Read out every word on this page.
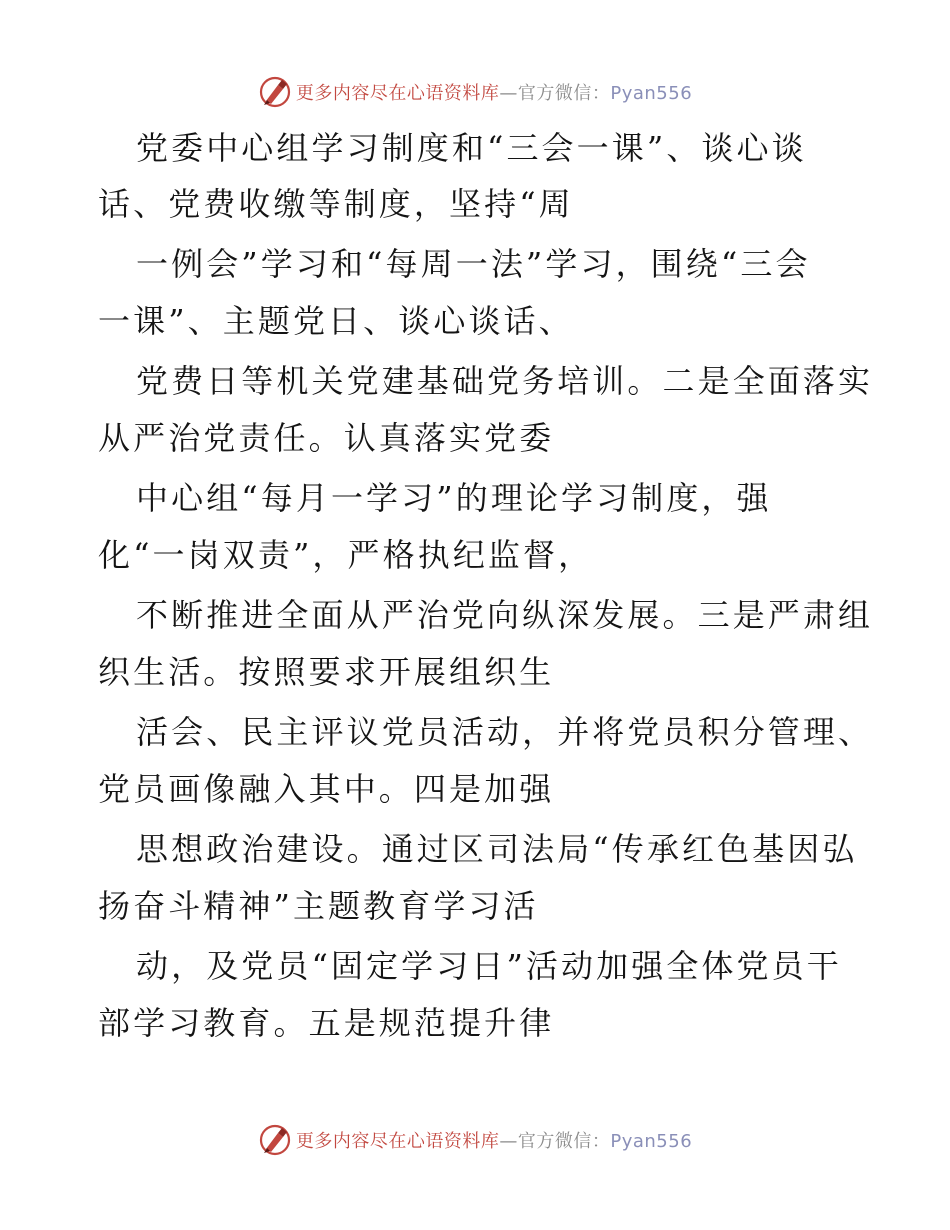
更多内容尽在心语资料库—官方微信：Pyan556
党委中心组学习制度和“三会一课”、谈心谈
话、党费收缴等制度，坚持“周
一例会”学习和“每周一法”学习，围绕“三会
一课”、主题党日、谈心谈话、
党费日等机关党建基础党务培训。二是全面落实
从严治党责任。认真落实党委
中心组“每月一学习”的理论学习制度，强
化“一岗双责”，严格执纪监督，
不断推进全面从严治党向纵深发展。三是严肃组
织生活。按照要求开展组织生
活会、民主评议党员活动，并将党员积分管理、
党员画像融入其中。四是加强
思想政治建设。通过区司法局“传承红色基因弘
扬奋斗精神”主题教育学习活
动，及党员“固定学习日”活动加强全体党员干
部学习教育。五是规范提升律
更多内容尽在心语资料库—官方微信：Pyan556
